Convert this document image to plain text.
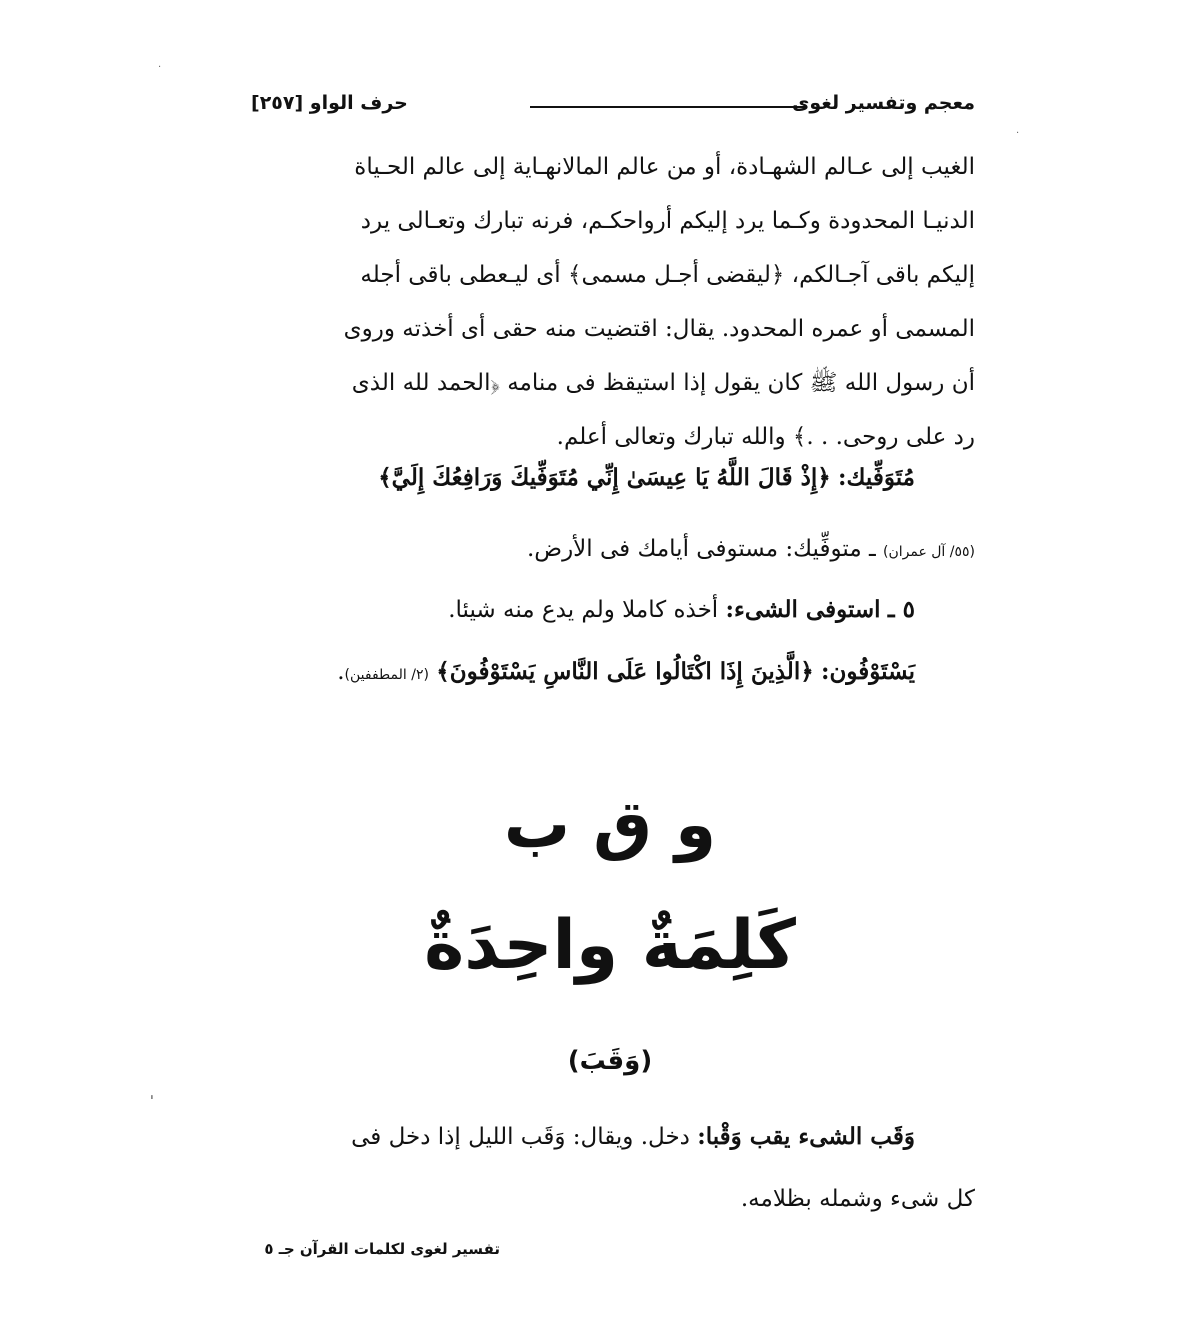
معجم وتفسير لغوى
حرف الواو [٢٥٧]
الغيب إلى عـالم الشهـادة، أو من عالم المالانهـاية إلى عالم الحـياة
الدنيـا المحدودة وكـما يرد إليكم أرواحكـم، فرنه تبارك وتعـالى يرد
إليكم باقى آجـالكم، ﴿ليقضى أجـل مسمى﴾ أى ليـعطى باقى أجله
المسمى أو عمره المحدود. يقال: اقتضيت منه حقى أى أخذته وروى
أن رسول الله ﷺ كان يقول إذا استيقظ فى منامه ﴿الحمد لله الذى
رد على روحى. . .﴾ والله تبارك وتعالى أعلم.
مُتَوَفِّيك: ﴿إِذْ قَالَ اللَّهُ يَا عِيسَىٰ إِنِّي مُتَوَفِّيكَ وَرَافِعُكَ إِلَيَّ﴾
(٥٥/ آل عمران) ـ متوفِّيك: مستوفى أيامك فى الأرض.
٥ ـ استوفى الشىء: أخذه كاملا ولم يدع منه شيئا.
يَسْتَوْفُون: ﴿الَّذِينَ إِذَا اكْتَالُوا عَلَى النَّاسِ يَسْتَوْفُونَ﴾ (٢/ المطففين).
و ق ب
كَلِمَةٌ واحِدَةٌ
(وَقَبَ)
وَقَب الشىء يقب وَقْبا: دخل. ويقال: وَقَب الليل إذا دخل فى
كل شىء وشمله بظلامه.
تفسير لغوى لكلمات القرآن جـ ٥
·
·
ˈ
